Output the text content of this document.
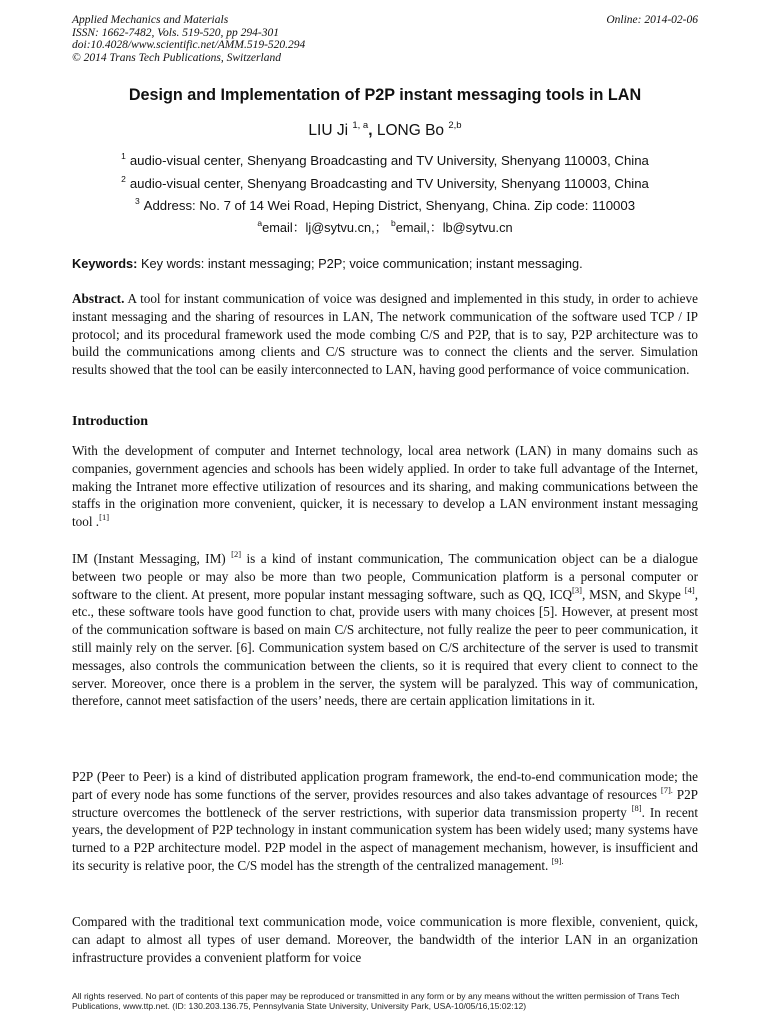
Applied Mechanics and Materials
ISSN: 1662-7482, Vols. 519-520, pp 294-301
doi:10.4028/www.scientific.net/AMM.519-520.294
© 2014 Trans Tech Publications, Switzerland
Online: 2014-02-06
Design and Implementation of P2P instant messaging tools in LAN
LIU Ji $^{1, a}$, LONG Bo $^{2,b}$
$^1$ audio-visual center, Shenyang Broadcasting and TV University, Shenyang 110003, China
$^2$ audio-visual center, Shenyang Broadcasting and TV University, Shenyang 110003, China
$^3$ Address: No. 7 of 14 Wei Road, Heping District, Shenyang, China. Zip code: 110003
$^a$email：lj@sytvu.cn,； $^b$email,：lb@sytvu.cn
Keywords: Key words: instant messaging; P2P; voice communication; instant messaging.
Abstract. A tool for instant communication of voice was designed and implemented in this study, in order to achieve instant messaging and the sharing of resources in LAN, The network communication of the software used TCP / IP protocol; and its procedural framework used the mode combing C/S and P2P, that is to say, P2P architecture was to build the communications among clients and C/S structure was to connect the clients and the server. Simulation results showed that the tool can be easily interconnected to LAN, having good performance of voice communication.
Introduction
With the development of computer and Internet technology, local area network (LAN) in many domains such as companies, government agencies and schools has been widely applied. In order to take full advantage of the Internet, making the Intranet more effective utilization of resources and its sharing, and making communications between the staffs in the origination more convenient, quicker, it is necessary to develop a LAN environment instant messaging tool .[1]
IM (Instant Messaging, IM) [2] is a kind of instant communication, The communication object can be a dialogue between two people or may also be more than two people, Communication platform is a personal computer or software to the client. At present, more popular instant messaging software, such as QQ, ICQ[3], MSN, and Skype [4], etc., these software tools have good function to chat, provide users with many choices [5]. However, at present most of the communication software is based on main C/S architecture, not fully realize the peer to peer communication, it still mainly rely on the server. [6]. Communication system based on C/S architecture of the server is used to transmit messages, also controls the communication between the clients, so it is required that every client to connect to the server. Moreover, once there is a problem in the server, the system will be paralyzed. This way of communication, therefore, cannot meet satisfaction of the users’ needs, there are certain application limitations in it.
P2P (Peer to Peer) is a kind of distributed application program framework, the end-to-end communication mode; the part of every node has some functions of the server, provides resources and also takes advantage of resources $^{[7].}$ P2P structure overcomes the bottleneck of the server restrictions, with superior data transmission property [8]. In recent years, the development of P2P technology in instant communication system has been widely used; many systems have turned to a P2P architecture model. P2P model in the aspect of management mechanism, however, is insufficient and its security is relative poor, the C/S model has the strength of the centralized management. $^{[9].}$
Compared with the traditional text communication mode, voice communication is more flexible, convenient, quick, can adapt to almost all types of user demand. Moreover, the bandwidth of the interior LAN in an organization infrastructure provides a convenient platform for voice
All rights reserved. No part of contents of this paper may be reproduced or transmitted in any form or by any means without the written permission of Trans Tech Publications, www.ttp.net. (ID: 130.203.136.75, Pennsylvania State University, University Park, USA-10/05/16,15:02:12)
